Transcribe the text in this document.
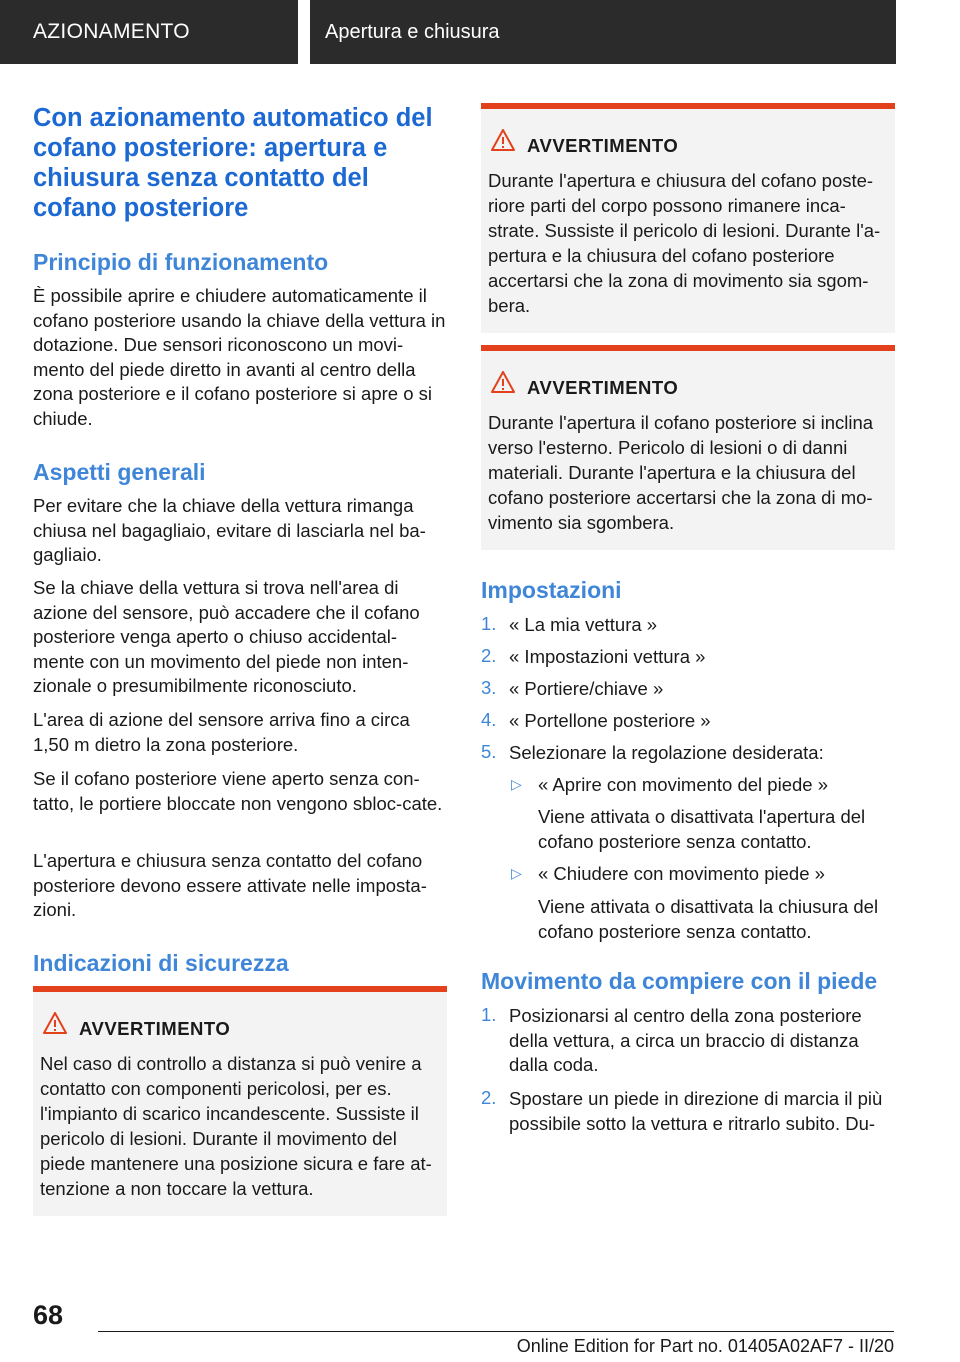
AZIONAMENTO	Apertura e chiusura
Con azionamento automatico del
cofano posteriore: apertura e
chiusura senza contatto del
cofano posteriore
Principio di funzionamento

È possibile aprire e chiudere automaticamente il cofano posteriore usando la chiave della vettura in dotazione. Due sensori riconoscono un movi-mento del piede diretto in avanti al centro della zona posteriore e il cofano posteriore si apre o si chiude.

Aspetti generali

Per evitare che la chiave della vettura rimanga chiusa nel bagagliaio, evitare di lasciarla nel ba-gagliaio.

Se la chiave della vettura si trova nell'area di azione del sensore, può accadere che il cofano posteriore venga aperto o chiuso accidental-mente con un movimento del piede non inten-zionale o presumibilmente riconosciuto.

L'area di azione del sensore arriva fino a circa 1,50 m dietro la zona posteriore.

Se il cofano posteriore viene aperto senza con-tatto, le portiere bloccate non vengono sbloc-cate.

L'apertura e chiusura senza contatto del cofano posteriore devono essere attivate nelle imposta-zioni.

Indicazioni di sicurezza
AVVERTIMENTO
Nel caso di controllo a distanza si può venire a contatto con componenti pericolosi, per es. l'impianto di scarico incandescente. Sussiste il pericolo di lesioni. Durante il movimento del piede mantenere una posizione sicura e fare at-tenzione a non toccare la vettura.
AVVERTIMENTO
Durante l'apertura e chiusura del cofano poste-riore parti del corpo possono rimanere inca-strate. Sussiste il pericolo di lesioni. Durante l'a-pertura e la chiusura del cofano posteriore accertarsi che la zona di movimento sia sgom-bera.
AVVERTIMENTO
Durante l'apertura il cofano posteriore si inclina verso l'esterno. Pericolo di lesioni o di danni materiali. Durante l'apertura e la chiusura del cofano posteriore accertarsi che la zona di mo-vimento sia sgombera.
Impostazioni
1. « La mia vettura »
2. « Impostazioni vettura »
3. « Portiere/chiave »
4. « Portellone posteriore »
5. Selezionare la regolazione desiderata:
▷ « Aprire con movimento del piede »
Viene attivata o disattivata l'apertura del cofano posteriore senza contatto.
▷ « Chiudere con movimento piede »
Viene attivata o disattivata la chiusura del cofano posteriore senza contatto.
Movimento da compiere con il piede
1. Posizionarsi al centro della zona posteriore della vettura, a circa un braccio di distanza dalla coda.
2. Spostare un piede in direzione di marcia il più possibile sotto la vettura e ritrarlo subito. Du-
68
Online Edition for Part no. 01405A02AF7 - II/20
